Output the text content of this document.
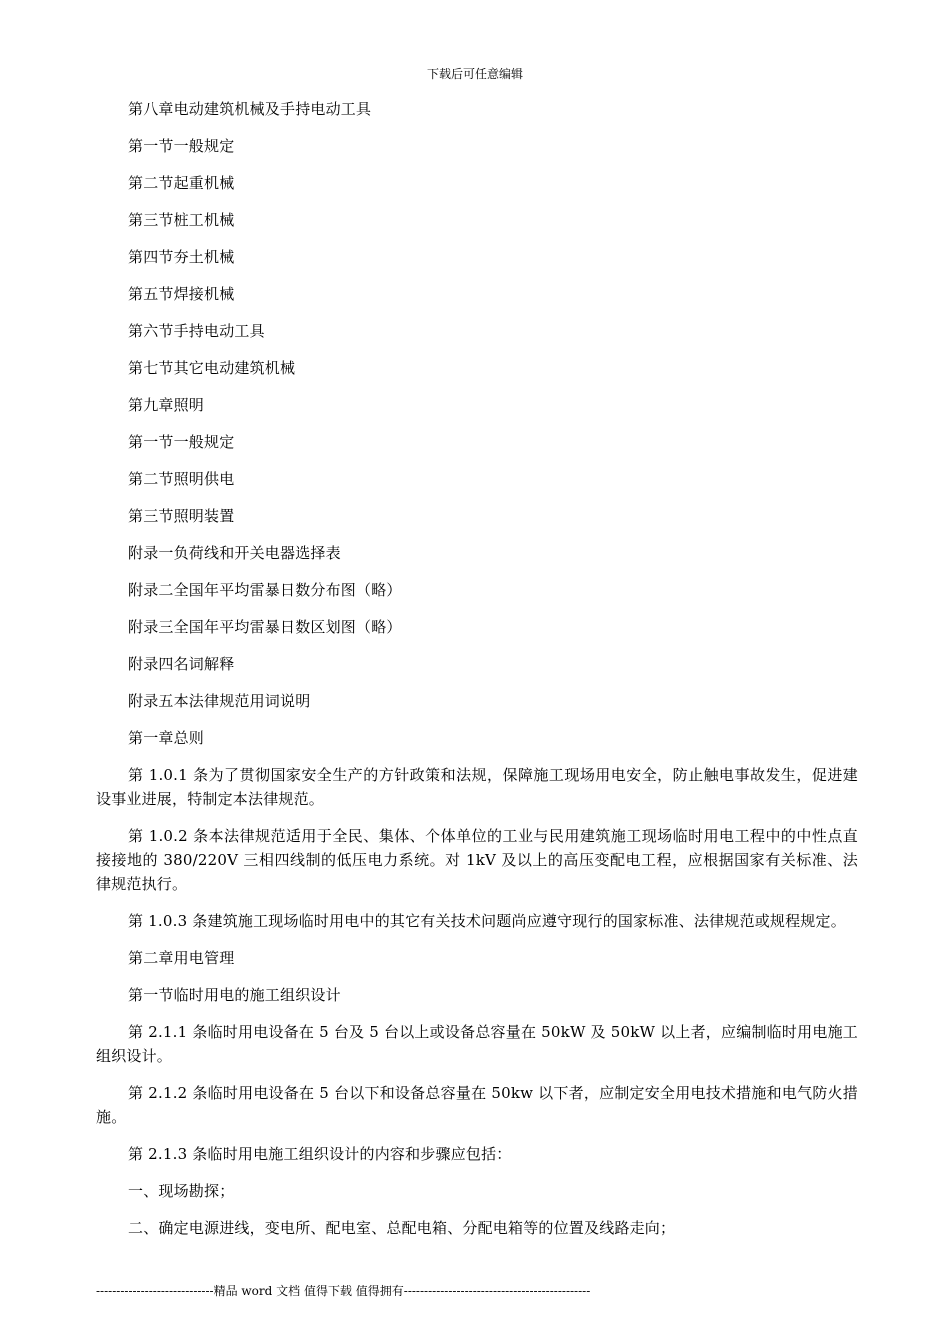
下载后可任意编辑

第八章电动建筑机械及手持电动工具

第一节一般规定

第二节起重机械

第三节桩工机械

第四节夯土机械

第五节焊接机械

第六节手持电动工具

第七节其它电动建筑机械

第九章照明

第一节一般规定

第二节照明供电

第三节照明装置

附录一负荷线和开关电器选择表

附录二全国年平均雷暴日数分布图（略）

附录三全国年平均雷暴日数区划图（略）

附录四名词解释

附录五本法律规范用词说明

第一章总则

第 1.0.1 条为了贯彻国家安全生产的方针政策和法规，保障施工现场用电安全，防止触电事故发生，促进建设事业进展，特制定本法律规范。

第 1.0.2 条本法律规范适用于全民、集体、个体单位的工业与民用建筑施工现场临时用电工程中的中性点直接接地的 380/220V 三相四线制的低压电力系统。对 1kV 及以上的高压变配电工程，应根据国家有关标准、法律规范执行。

第 1.0.3 条建筑施工现场临时用电中的其它有关技术问题尚应遵守现行的国家标准、法律规范或规程规定。

第二章用电管理

第一节临时用电的施工组织设计

第 2.1.1 条临时用电设备在 5 台及 5 台以上或设备总容量在 50kW 及 50kW 以上者，应编制临时用电施工组织设计。

第 2.1.2 条临时用电设备在 5 台以下和设备总容量在 50kw 以下者，应制定安全用电技术措施和电气防火措施。

第 2.1.3 条临时用电施工组织设计的内容和步骤应包括：

一、现场勘探；

二、确定电源进线，变电所、配电室、总配电箱、分配电箱等的位置及线路走向；

-----------------------------精品 word 文档 值得下载 值得拥有----------------------------------------------
